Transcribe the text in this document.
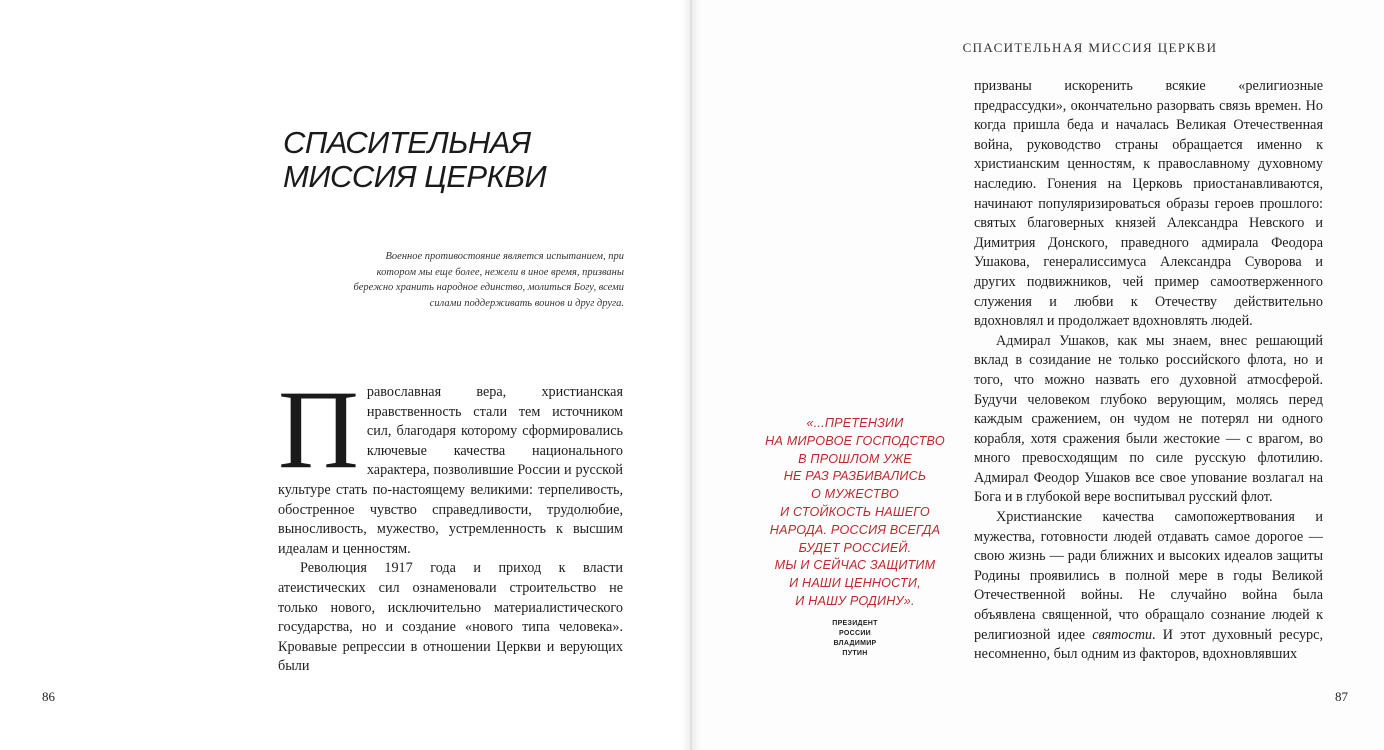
СПАСИТЕЛЬНАЯ
МИССИЯ ЦЕРКВИ
Военное противостояние является испытанием, при котором мы еще более, нежели в иное время, призваны бережно хранить народное единство, молиться Богу, всеми силами поддерживать воинов и друг друга.

Православная вера, христианская нравственность стали тем источником сил, благодаря которому сформировались ключевые качества национального характера, позволившие России и русской культуре стать по-настоящему великими: терпеливость, обостренное чувство справедливости, трудолюбие, выносливость, мужество, устремленность к высшим идеалам и ценностям.

Революция 1917 года и приход к власти атеистических сил ознаменовали строительство не только нового, исключительно материалистического государства, но и создание «нового типа человека». Кровавые репрессии в отношении Церкви и верующих были

86
СПАСИТЕЛЬНАЯ МИССИЯ ЦЕРКВИ
«...ПРЕТЕНЗИИ
НА МИРОВОЕ ГОСПОДСТВО
В ПРОШЛОМ УЖЕ
НЕ РАЗ РАЗБИВАЛИСЬ
О МУЖЕСТВО
И СТОЙКОСТЬ НАШЕГО
НАРОДА. РОССИЯ ВСЕГДА
БУДЕТ РОССИЕЙ.
МЫ И СЕЙЧАС ЗАЩИТИМ
И НАШИ ЦЕННОСТИ,
И НАШУ РОДИНУ».
ПРЕЗИДЕНТ
РОССИИ
ВЛАДИМИР
ПУТИН

призваны искоренить всякие «религиозные предрассудки», окончательно разорвать связь времен. Но когда пришла беда и началась Великая Отечественная война, руководство страны обращается именно к христианским ценностям, к православному духовному наследию. Гонения на Церковь приостанавливаются, начинают популяризироваться образы героев прошлого: святых благоверных князей Александра Невского и Димитрия Донского, праведного адмирала Феодора Ушакова, генералиссимуса Александра Суворова и других подвижников, чей пример самоотверженного служения и любви к Отечеству действительно вдохновлял и продолжает вдохновлять людей.

Адмирал Ушаков, как мы знаем, внес решающий вклад в созидание не только российского флота, но и того, что можно назвать его духовной атмосферой. Будучи человеком глубоко верующим, молясь перед каждым сражением, он чудом не потерял ни одного корабля, хотя сражения были жестокие — с врагом, во много превосходящим по силе русскую флотилию. Адмирал Феодор Ушаков все свое упование возлагал на Бога и в глубокой вере воспитывал русский флот.

Христианские качества самопожертвования и мужества, готовности людей отдавать самое дорогое — свою жизнь — ради ближних и высоких идеалов защиты Родины проявились в полной мере в годы Великой Отечественной войны. Не случайно война была объявлена священной, что обращало сознание людей к религиозной идее святости. И этот духовный ресурс, несомненно, был одним из факторов, вдохновлявших

87
